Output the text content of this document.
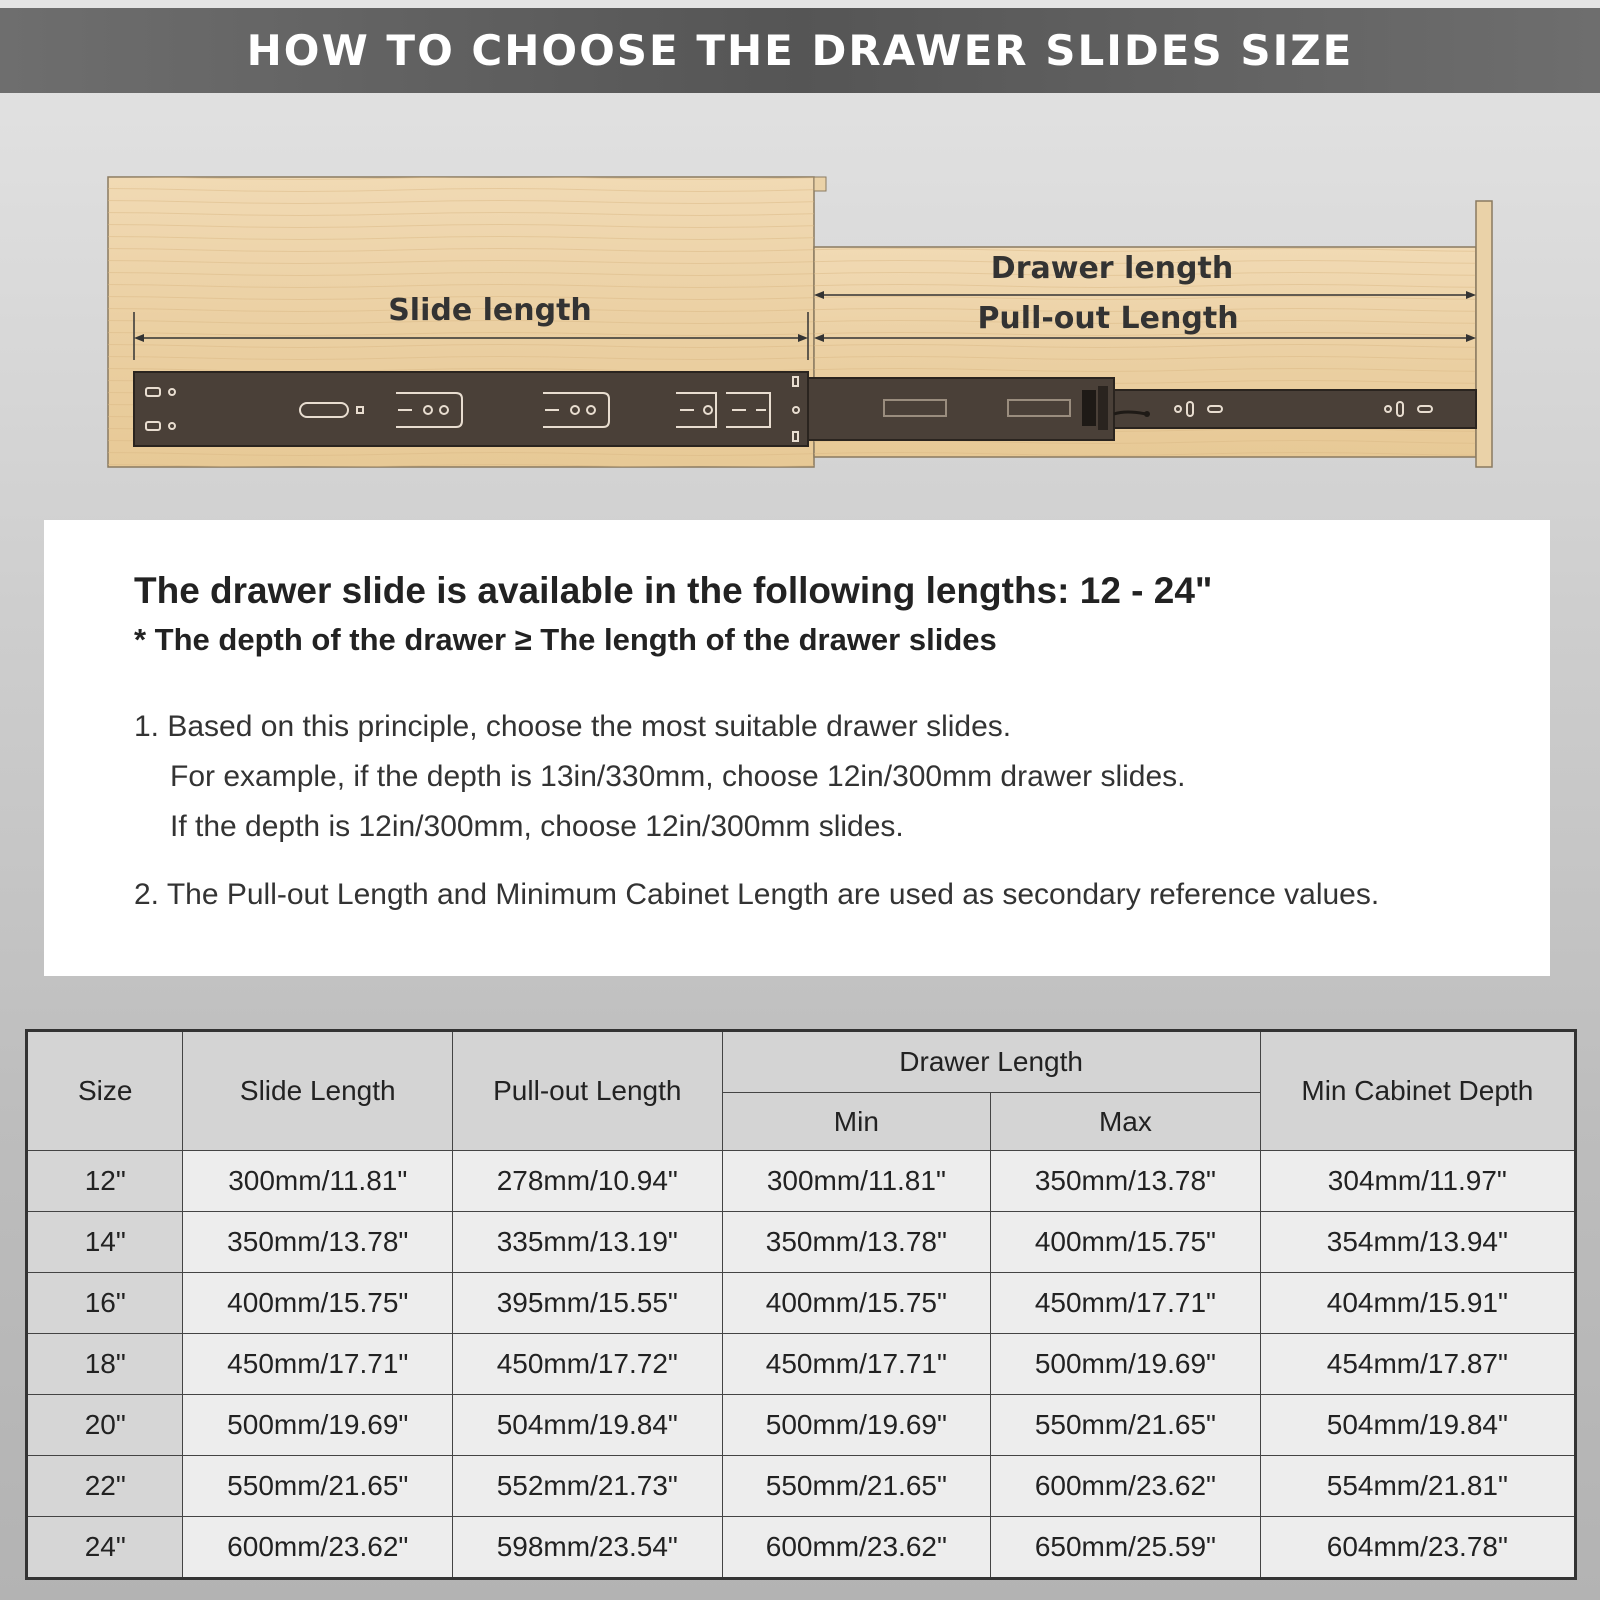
HOW TO CHOOSE THE DRAWER SLIDES SIZE
Slide length
Drawer length
Pull-out Length

The drawer slide is available in the following lengths: 12 - 24"

* The depth of the drawer ≥ The length of the drawer slides

1. Based on this principle, choose the most suitable drawer slides.
For example, if the depth is 13in/330mm, choose 12in/300mm drawer slides.
If the depth is 12in/300mm, choose 12in/300mm slides.
2. The Pull-out Length and Minimum Cabinet Length are used as secondary reference values.
Size	Slide Length	Pull-out Length	Drawer Length		Min Cabinet Depth
			Min	Max	
12"	300mm/11.81"	278mm/10.94"	300mm/11.81"	350mm/13.78"	304mm/11.97"
14"	350mm/13.78"	335mm/13.19"	350mm/13.78"	400mm/15.75"	354mm/13.94"
16"	400mm/15.75"	395mm/15.55"	400mm/15.75"	450mm/17.71"	404mm/15.91"
18"	450mm/17.71"	450mm/17.72"	450mm/17.71"	500mm/19.69"	454mm/17.87"
20"	500mm/19.69"	504mm/19.84"	500mm/19.69"	550mm/21.65"	504mm/19.84"
22"	550mm/21.65"	552mm/21.73"	550mm/21.65"	600mm/23.62"	554mm/21.81"
24"	600mm/23.62"	598mm/23.54"	600mm/23.62"	650mm/25.59"	604mm/23.78"
